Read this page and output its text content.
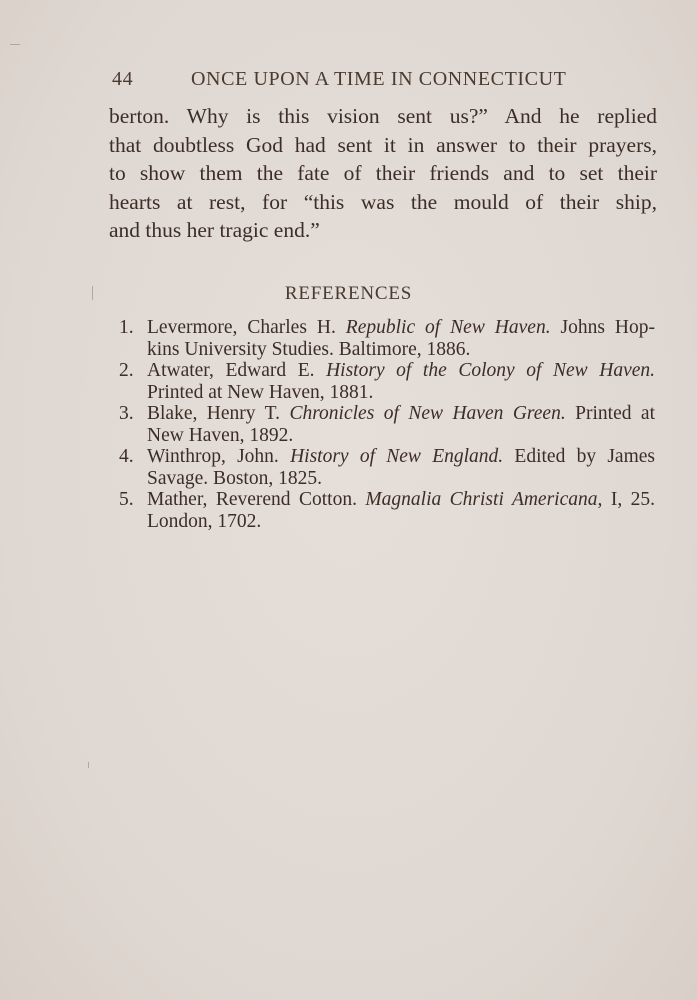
44	ONCE UPON A TIME IN CONNECTICUT
berton. Why is this vision sent us?” And he replied
that doubtless God had sent it in answer to their prayers,
to show them the fate of their friends and to set their
hearts at rest, for “this was the mould of their ship,
and thus her tragic end.”
REFERENCES
1. Levermore, Charles H. Republic of New Haven. Johns Hop-
kins University Studies. Baltimore, 1886.
2. Atwater, Edward E. History of the Colony of New Haven.
Printed at New Haven, 1881.
3. Blake, Henry T. Chronicles of New Haven Green. Printed at
New Haven, 1892.
4. Winthrop, John. History of New England. Edited by James
Savage. Boston, 1825.
5. Mather, Reverend Cotton. Magnalia Christi Americana, I, 25.
London, 1702.
